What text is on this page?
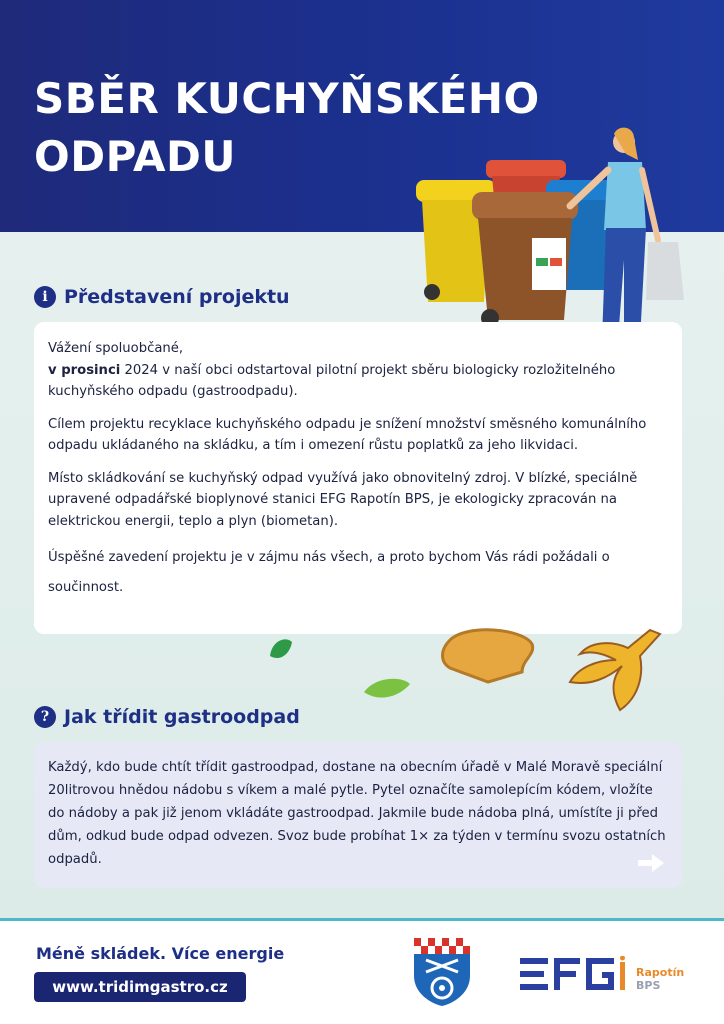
SBĚR KUCHYŇSKÉHO
ODPADU
i Představení projektu

Vážení spoluobčané,
v prosinci 2024 v naší obci odstartoval pilotní projekt sběru biologicky rozložitelného kuchyňského odpadu (gastroodpadu).

Cílem projektu recyklace kuchyňského odpadu je snížení množství směsného komunálního odpadu ukládaného na skládku, a tím i omezení růstu poplatků za jeho likvidaci.

Místo skládkování se kuchyňský odpad využívá jako obnovitelný zdroj. V blízké, speciálně upravené odpadářské bioplynové stanici EFG Rapotín BPS, je ekologicky zpracován na elektrickou energii, teplo a plyn (biometan).

Úspěšné zavedení projektu je v zájmu nás všech, a proto bychom Vás rádi požádali o součinnost.

? Jak třídit gastroodpad

Každý, kdo bude chtít třídit gastroodpad, dostane na obecním úřadě v Malé Moravě speciální 20litrovou hnědou nádobu s víkem a malé pytle. Pytel označíte samolepícím kódem, vložíte do nádoby a pak již jenom vkládáte gastroodpad. Jakmile bude nádoba plná, umístíte ji před dům, odkud bude odpad odvezen. Svoz bude probíhat 1× za týden v termínu svozu ostatních odpadů.

Méně skládek. Více energie
www.tridimgastro.cz
Rapotín
BPS
